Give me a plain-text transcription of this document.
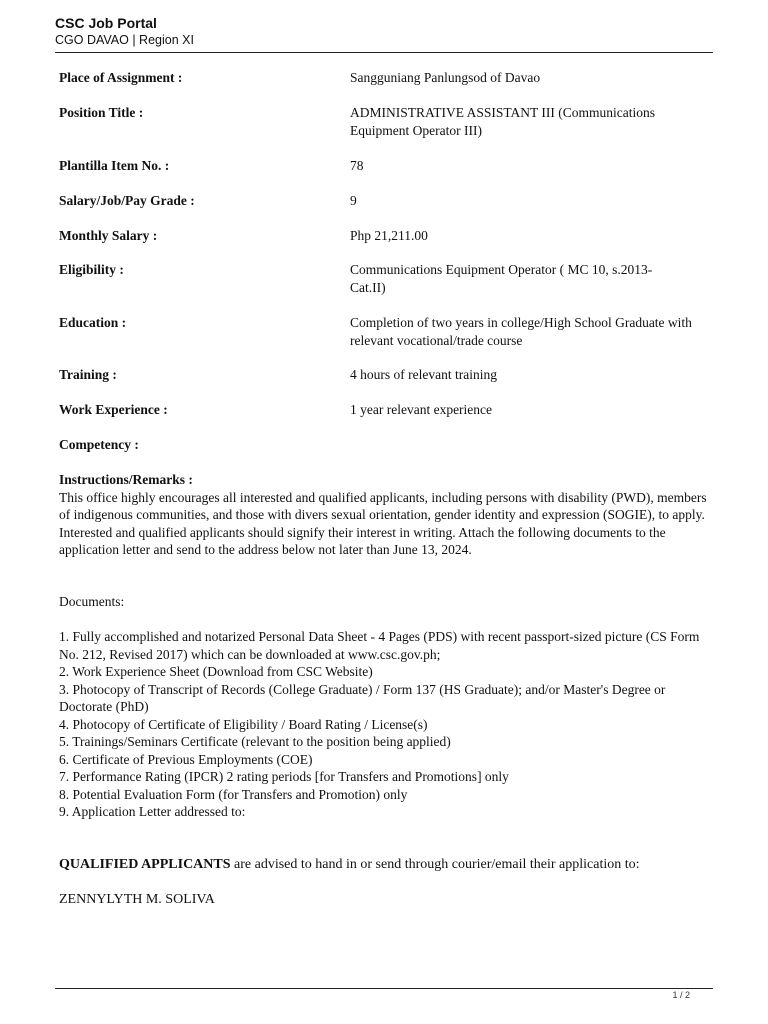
CSC Job Portal
CGO DAVAO | Region XI
Place of Assignment :	Sangguniang Panlungsod of Davao
Position Title :	ADMINISTRATIVE ASSISTANT III (Communications Equipment Operator III)
Plantilla Item No. :	78
Salary/Job/Pay Grade :	9
Monthly Salary :	Php 21,211.00
Eligibility :	Communications Equipment Operator ( MC 10, s.2013-Cat.II)
Education :	Completion of two years in college/High School Graduate with relevant vocational/trade course
Training :	4 hours of relevant training
Work Experience :	1 year relevant experience
Competency :
Instructions/Remarks :
This office highly encourages all interested and qualified applicants, including persons with disability (PWD), members of indigenous communities, and those with divers sexual orientation, gender identity and expression (SOGIE), to apply. Interested and qualified applicants should signify their interest in writing. Attach the following documents to the application letter and send to the address below not later than June 13, 2024.
Documents:
1. Fully accomplished and notarized Personal Data Sheet - 4 Pages (PDS) with recent passport-sized picture (CS Form No. 212, Revised 2017) which can be downloaded at www.csc.gov.ph;
2. Work Experience Sheet (Download from CSC Website)
3. Photocopy of Transcript of Records (College Graduate) / Form 137 (HS Graduate); and/or Master's Degree or Doctorate (PhD)
4. Photocopy of Certificate of Eligibility / Board Rating / License(s)
5. Trainings/Seminars Certificate (relevant to the position being applied)
6. Certificate of Previous Employments (COE)
7. Performance Rating (IPCR) 2 rating periods [for Transfers and Promotions] only
8. Potential Evaluation Form (for Transfers and Promotion) only
9. Application Letter addressed to:
QUALIFIED APPLICANTS are advised to hand in or send through courier/email their application to:
ZENNYLYTH M. SOLIVA
1 / 2
